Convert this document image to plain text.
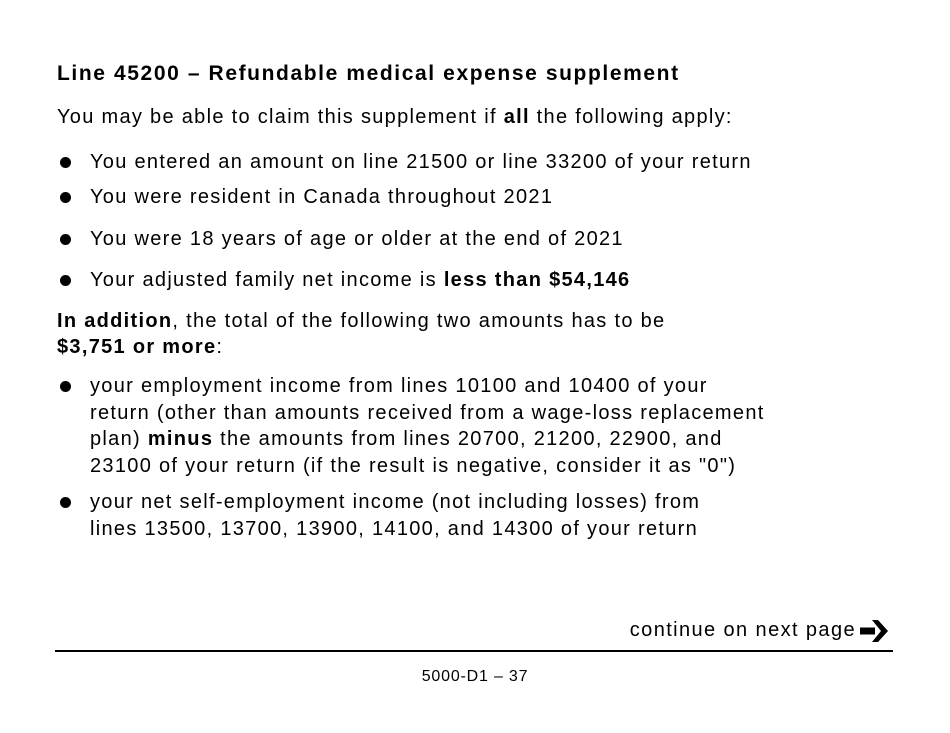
Line 45200 – Refundable medical expense supplement
You may be able to claim this supplement if all the following apply:
You entered an amount on line 21500 or line 33200 of your return
You were resident in Canada throughout 2021
You were 18 years of age or older at the end of 2021
Your adjusted family net income is less than $54,146
In addition, the total of the following two amounts has to be
$3,751 or more:
your employment income from lines 10100 and 10400 of your
return (other than amounts received from a wage-loss replacement
plan) minus the amounts from lines 20700, 21200, 22900, and
23100 of your return (if the result is negative, consider it as "0")
your net self-employment income (not including losses) from
lines 13500, 13700, 13900, 14100, and 14300 of your return
continue on next page
5000-D1 – 37
